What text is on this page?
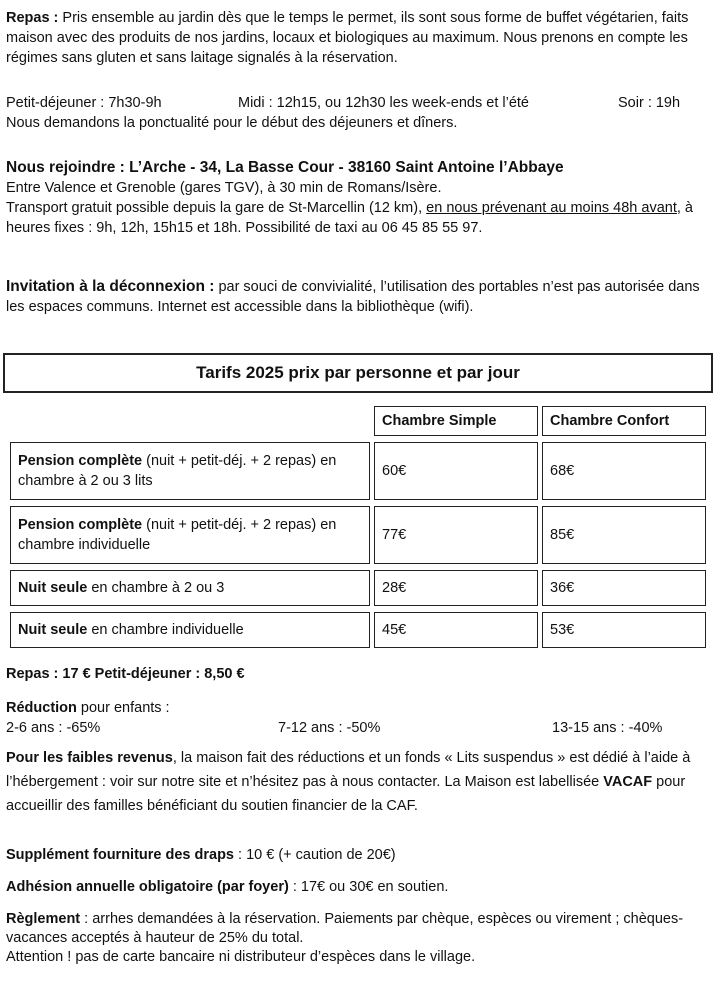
Repas : Pris ensemble au jardin dès que le temps le permet, ils sont sous forme de buffet végétarien, faits maison avec des produits de nos jardins, locaux et biologiques au maximum. Nous prenons en compte les régimes sans gluten et sans laitage signalés à la réservation.
Petit-déjeuner : 7h30-9h	Midi : 12h15, ou 12h30 les week-ends et l’été	Soir : 19h
Nous demandons la ponctualité pour le début des déjeuners et dîners.
Nous rejoindre : L’Arche - 34, La Basse Cour - 38160 Saint Antoine l’Abbaye
Entre Valence et Grenoble (gares TGV), à 30 min de Romans/Isère.
Transport gratuit possible depuis la gare de St-Marcellin (12 km), en nous prévenant au moins 48h avant, à heures fixes : 9h, 12h, 15h15 et 18h. Possibilité de taxi au 06 45 85 55 97.
Invitation à la déconnexion : par souci de convivialité, l’utilisation des portables n’est pas autorisée dans les espaces communs. Internet est accessible dans la bibliothèque (wifi).
Tarifs 2025 prix par personne et par jour
	Chambre Simple	Chambre Confort
Pension complète (nuit + petit-déj. + 2 repas) en chambre à 2 ou 3 lits	60€	68€
Pension complète (nuit + petit-déj. + 2 repas) en chambre individuelle	77€	85€
Nuit seule en chambre à 2 ou 3	28€	36€
Nuit seule en chambre individuelle	45€	53€
Repas : 17 € Petit-déjeuner : 8,50 €
Réduction pour enfants :
2-6 ans : -65%	7-12 ans : -50%	13-15 ans : -40%
Pour les faibles revenus, la maison fait des réductions et un fonds « Lits suspendus » est dédié à l’aide à l’hébergement : voir sur notre site et n’hésitez pas à nous contacter. La Maison est labellisée VACAF pour accueillir des familles bénéficiant du soutien financier de la CAF.
Supplément fourniture des draps : 10 € (+ caution de 20€)
Adhésion annuelle obligatoire (par foyer) : 17€ ou 30€ en soutien.
Règlement : arrhes demandées à la réservation. Paiements par chèque, espèces ou virement ; chèques-vacances acceptés à hauteur de 25% du total.
Attention ! pas de carte bancaire ni distributeur d’espèces dans le village.
